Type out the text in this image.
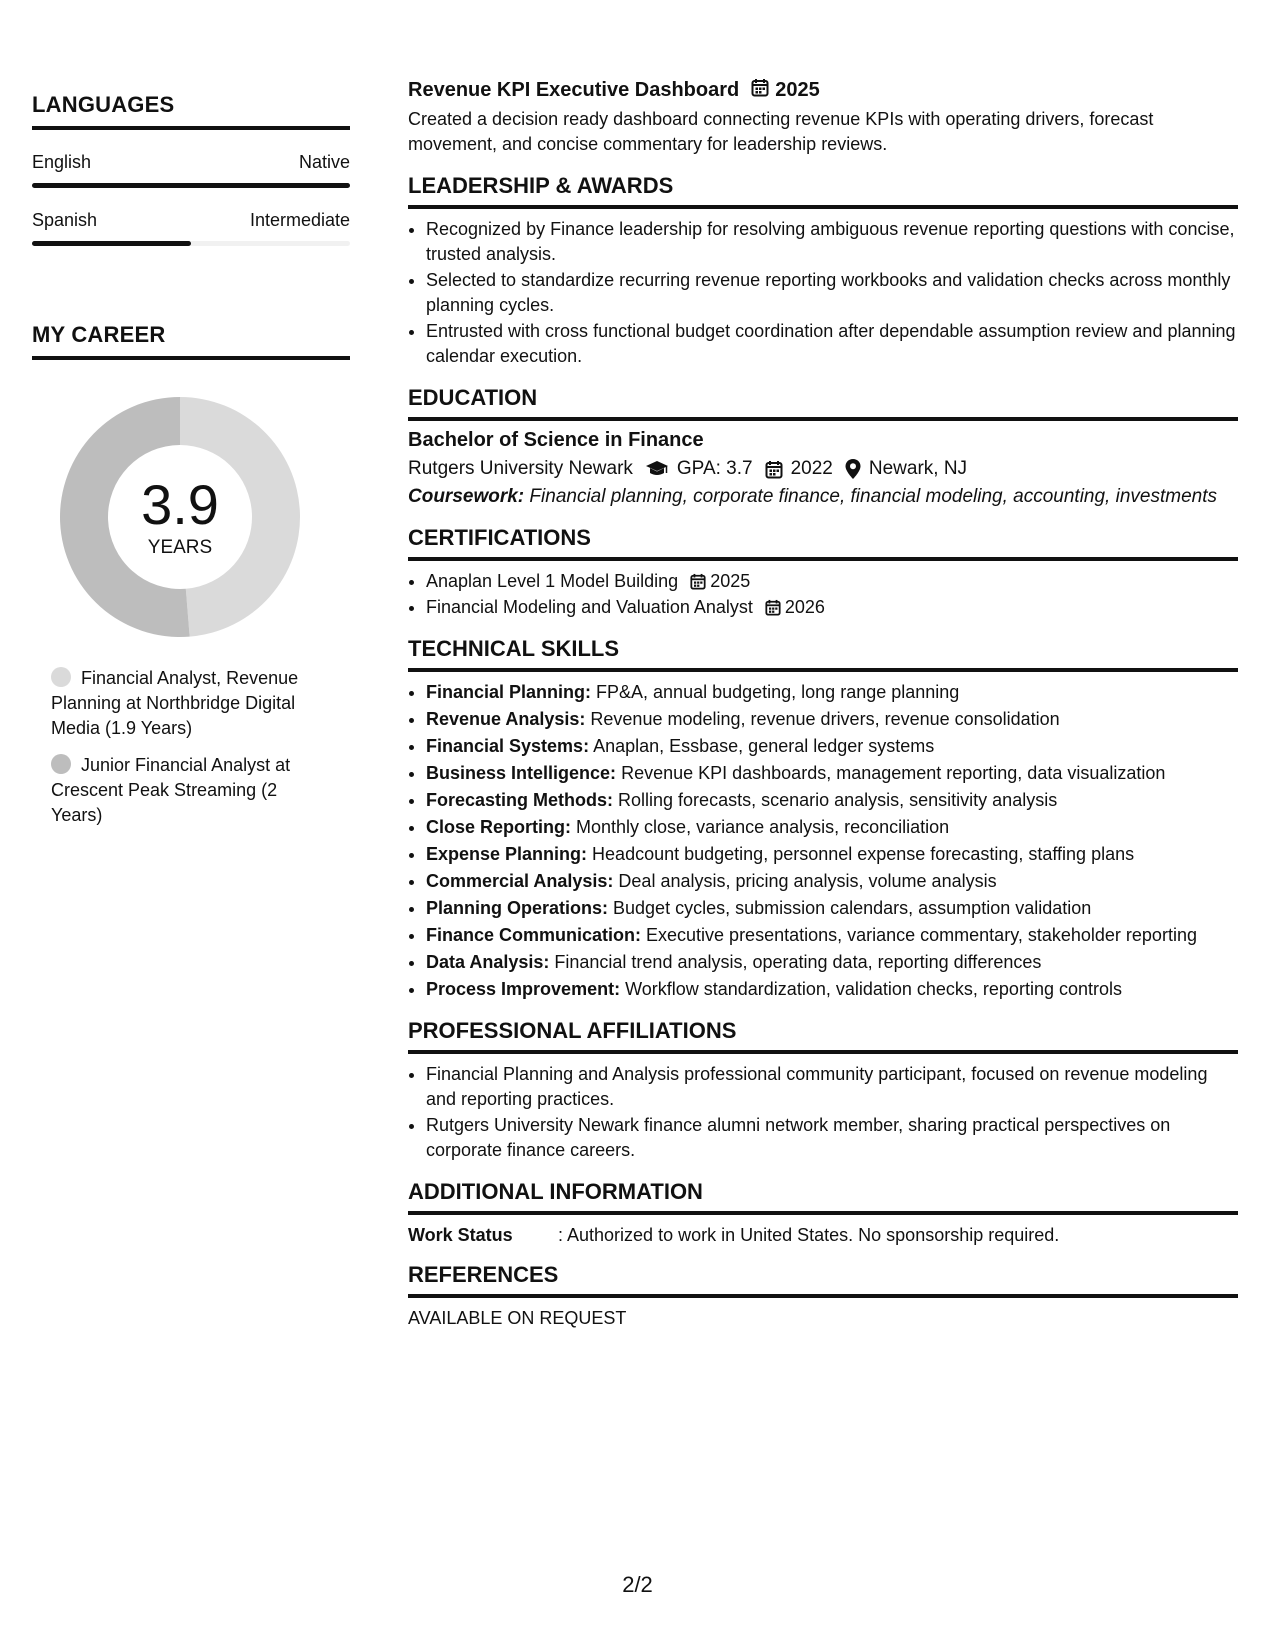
LANGUAGES
English	Native
Spanish	Intermediate
MY CAREER
3.9
YEARS
Financial Analyst, Revenue Planning at Northbridge Digital Media (1.9 Years)
Junior Financial Analyst at Crescent Peak Streaming (2 Years)
Revenue KPI Executive Dashboard 2025
Created a decision ready dashboard connecting revenue KPIs with operating drivers, forecast movement, and concise commentary for leadership reviews.
LEADERSHIP & AWARDS
• Recognized by Finance leadership for resolving ambiguous revenue reporting questions with concise, trusted analysis.
• Selected to standardize recurring revenue reporting workbooks and validation checks across monthly planning cycles.
• Entrusted with cross functional budget coordination after dependable assumption review and planning calendar execution.
EDUCATION
Bachelor of Science in Finance
Rutgers University Newark GPA: 3.7 2022 Newark, NJ
Coursework: Financial planning, corporate finance, financial modeling, accounting, investments
CERTIFICATIONS
• Anaplan Level 1 Model Building 2025
• Financial Modeling and Valuation Analyst 2026
TECHNICAL SKILLS
• Financial Planning: FP&A, annual budgeting, long range planning
• Revenue Analysis: Revenue modeling, revenue drivers, revenue consolidation
• Financial Systems: Anaplan, Essbase, general ledger systems
• Business Intelligence: Revenue KPI dashboards, management reporting, data visualization
• Forecasting Methods: Rolling forecasts, scenario analysis, sensitivity analysis
• Close Reporting: Monthly close, variance analysis, reconciliation
• Expense Planning: Headcount budgeting, personnel expense forecasting, staffing plans
• Commercial Analysis: Deal analysis, pricing analysis, volume analysis
• Planning Operations: Budget cycles, submission calendars, assumption validation
• Finance Communication: Executive presentations, variance commentary, stakeholder reporting
• Data Analysis: Financial trend analysis, operating data, reporting differences
• Process Improvement: Workflow standardization, validation checks, reporting controls
PROFESSIONAL AFFILIATIONS
• Financial Planning and Analysis professional community participant, focused on revenue modeling and reporting practices.
• Rutgers University Newark finance alumni network member, sharing practical perspectives on corporate finance careers.
ADDITIONAL INFORMATION
Work Status	: Authorized to work in United States. No sponsorship required.
REFERENCES
AVAILABLE ON REQUEST
2/2
